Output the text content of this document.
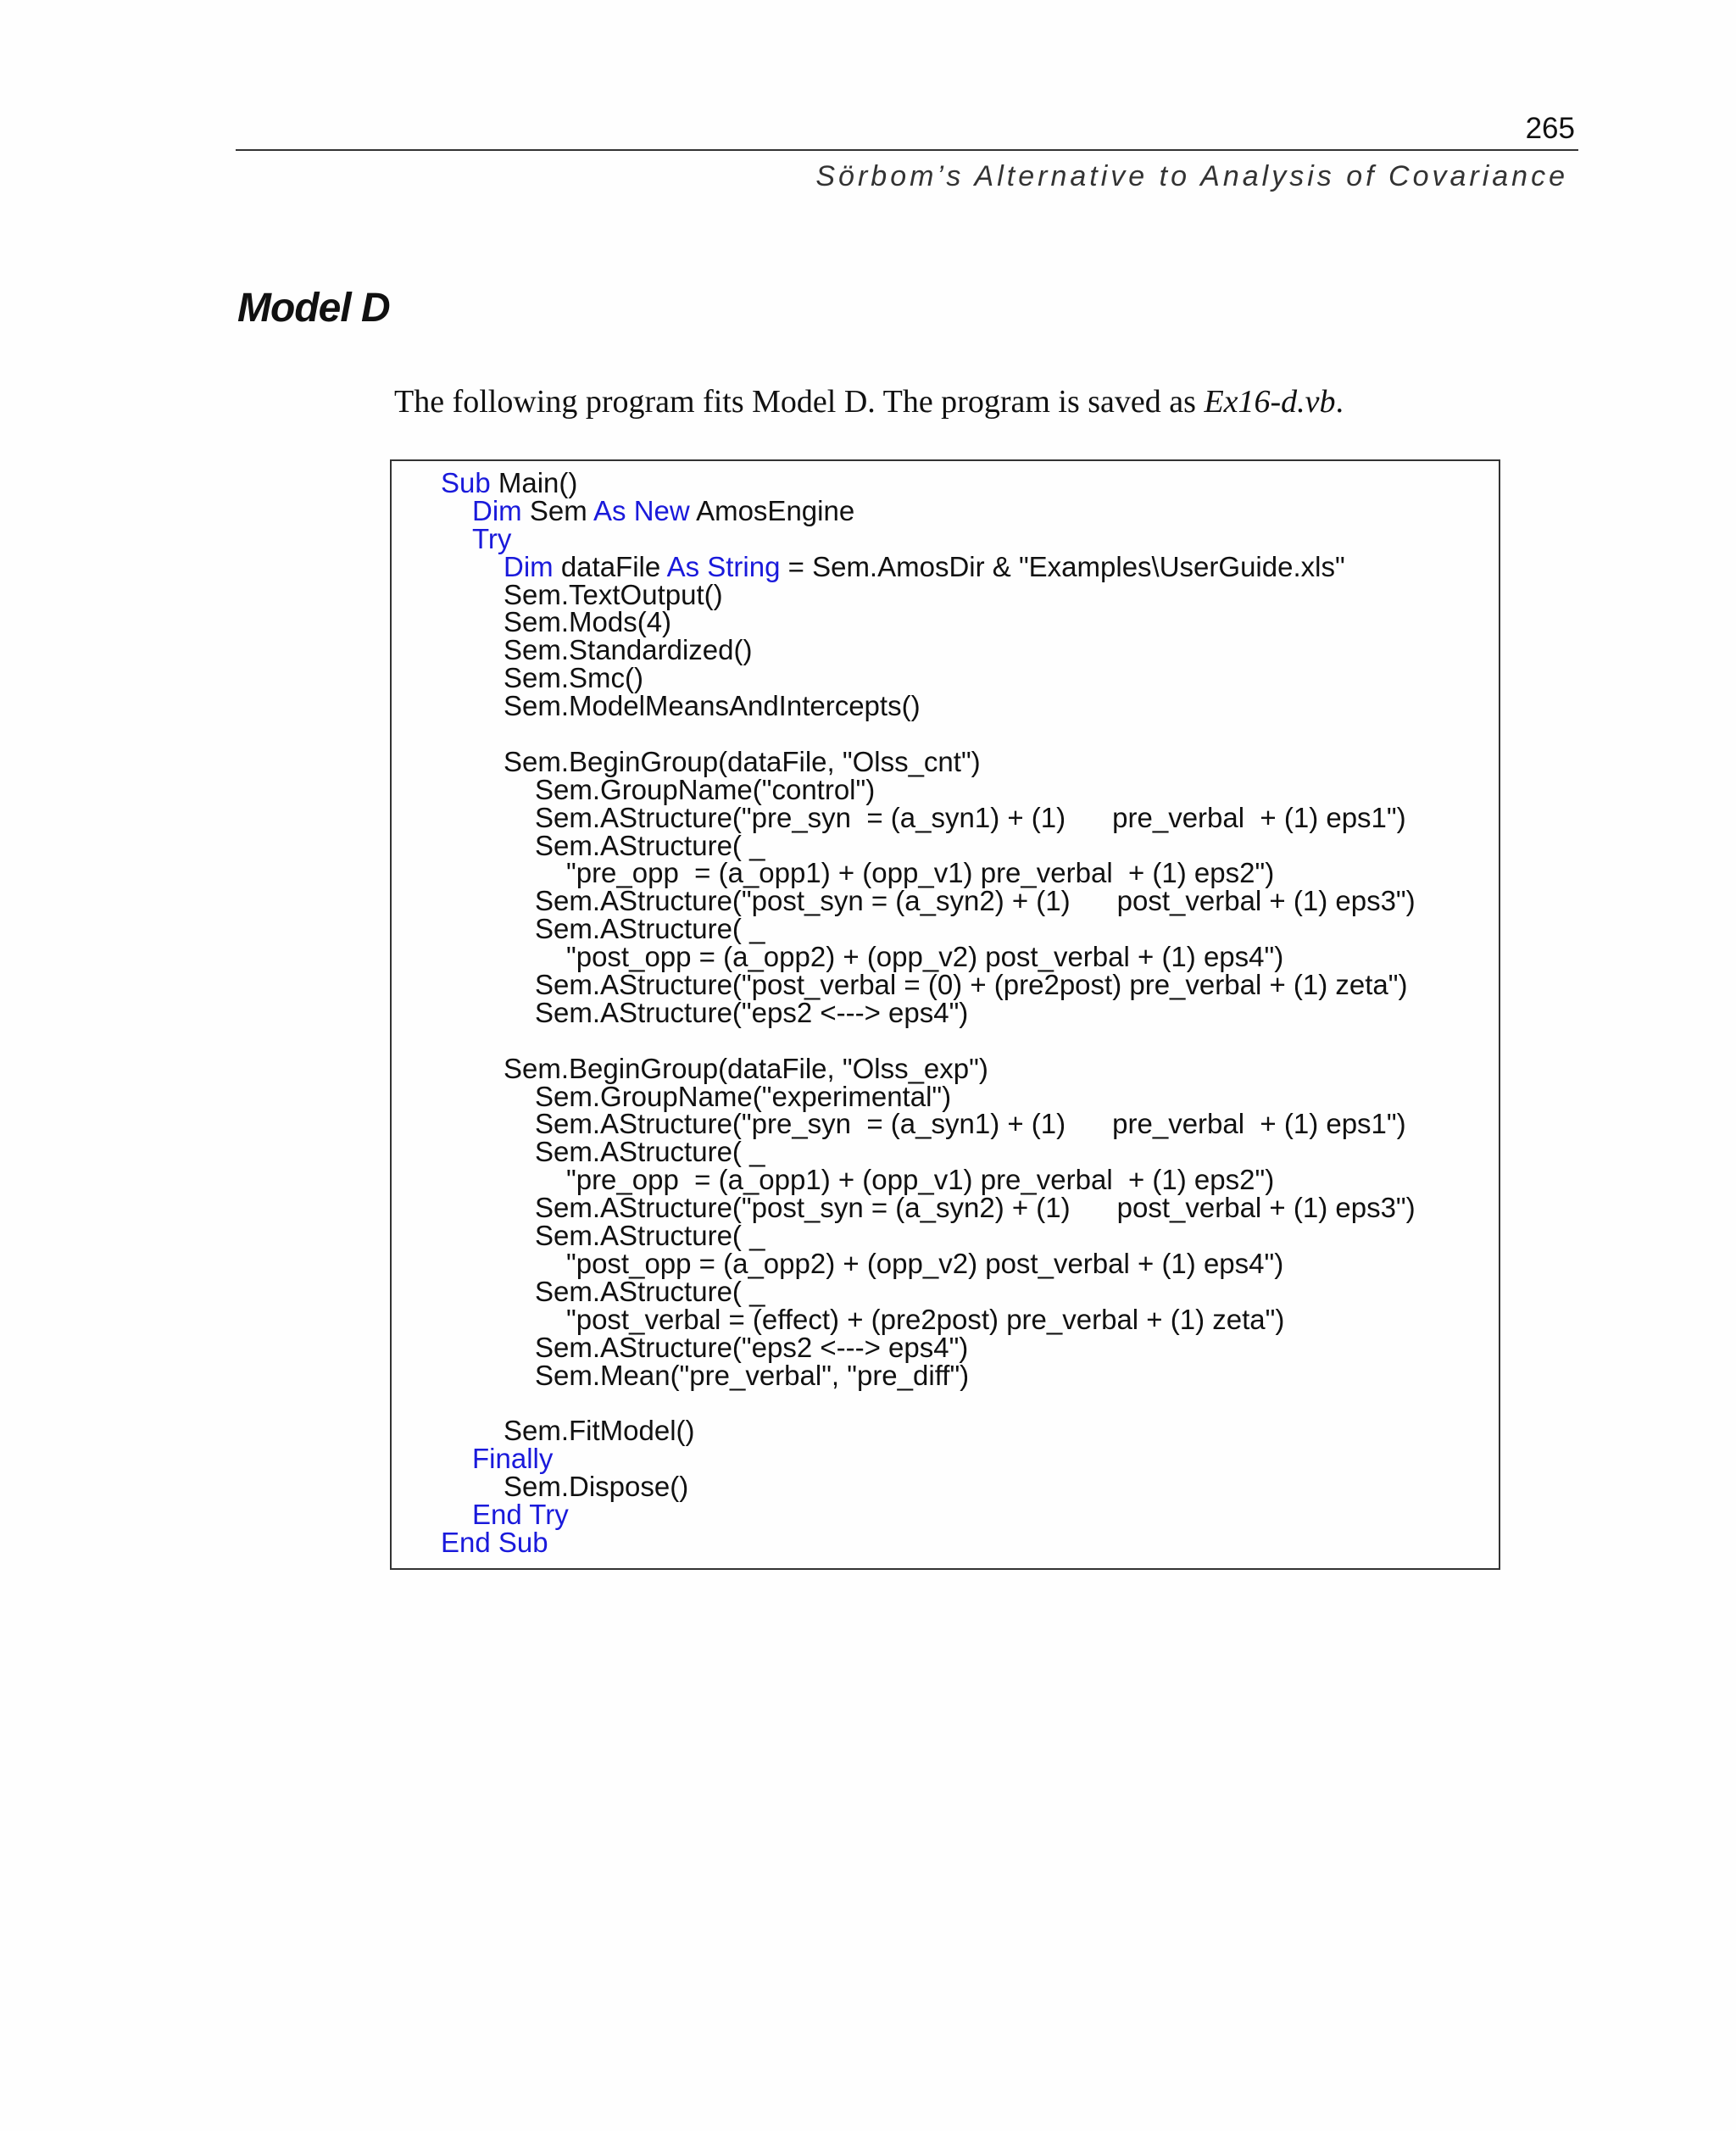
265
Sörbom’s Alternative to Analysis of Covariance
Model D

The following program fits Model D. The program is saved as Ex16-d.vb.

Sub Main()
Dim Sem As New AmosEngine
Try
Dim dataFile As String = Sem.AmosDir & "Examples\UserGuide.xls"
Sem.TextOutput()
Sem.Mods(4)
Sem.Standardized()
Sem.Smc()
Sem.ModelMeansAndIntercepts()
Sem.BeginGroup(dataFile, "Olss_cnt")
Sem.GroupName("control")
Sem.AStructure("pre_syn  = (a_syn1) + (1)      pre_verbal  + (1) eps1")
Sem.AStructure( _
"pre_opp  = (a_opp1) + (opp_v1) pre_verbal  + (1) eps2")
Sem.AStructure("post_syn = (a_syn2) + (1)      post_verbal + (1) eps3")
Sem.AStructure( _
"post_opp = (a_opp2) + (opp_v2) post_verbal + (1) eps4")
Sem.AStructure("post_verbal = (0) + (pre2post) pre_verbal + (1) zeta")
Sem.AStructure("eps2 <---> eps4")
Sem.BeginGroup(dataFile, "Olss_exp")
Sem.GroupName("experimental")
Sem.AStructure("pre_syn  = (a_syn1) + (1)      pre_verbal  + (1) eps1")
Sem.AStructure( _
"pre_opp  = (a_opp1) + (opp_v1) pre_verbal  + (1) eps2")
Sem.AStructure("post_syn = (a_syn2) + (1)      post_verbal + (1) eps3")
Sem.AStructure( _
"post_opp = (a_opp2) + (opp_v2) post_verbal + (1) eps4")
Sem.AStructure( _
"post_verbal = (effect) + (pre2post) pre_verbal + (1) zeta")
Sem.AStructure("eps2 <---> eps4")
Sem.Mean("pre_verbal", "pre_diff")
Sem.FitModel()
Finally
Sem.Dispose()
End Try
End Sub
